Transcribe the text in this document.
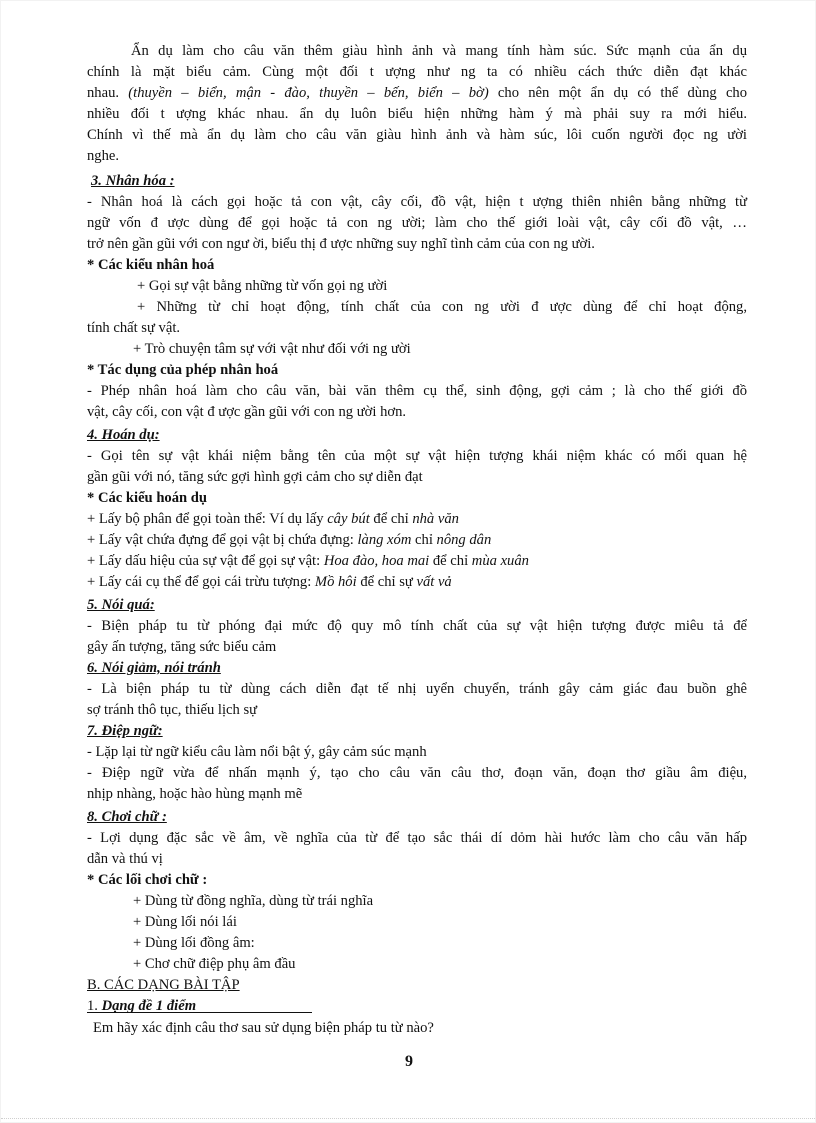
Ẩn dụ làm cho câu văn thêm giàu hình ảnh và mang tính hàm súc. Sức mạnh của ẩn dụ
chính là mặt biểu cảm. Cùng một đối t ượng như ng ta có nhiều cách thức diễn đạt khác
nhau. (thuyền – biển, mận - đào, thuyền – bến, biển – bờ) cho nên một ẩn dụ có thể dùng cho
nhiều đối t ượng khác nhau. ẩn dụ luôn biểu hiện những hàm ý mà phải suy ra mới hiểu.
Chính vì thế mà ẩn dụ làm cho câu văn giàu hình ảnh và hàm súc, lôi cuốn người đọc ng ười
nghe.
3. Nhân hóa :
- Nhân hoá là cách gọi hoặc tả con vật, cây cối, đồ vật, hiện t ượng thiên nhiên bằng những từ
ngữ vốn đ ược dùng để gọi hoặc tả con ng ười; làm cho thế giới loài vật, cây cối đồ vật, …
trở nên gần gũi với con ngư ời, biểu thị đ ược những suy nghĩ tình cảm của con ng ười.
* Các kiểu nhân hoá
+ Gọi sự vật bằng những từ vốn gọi ng ười
+ Những từ chỉ hoạt động, tính chất của con ng ười đ ược dùng để chỉ hoạt động,
tính chất sự vật.
+ Trò chuyện tâm sự với vật như đối với ng ười
* Tác dụng của phép nhân hoá
- Phép nhân hoá làm cho câu văn, bài văn thêm cụ thể, sinh động, gợi cảm ; là cho thế giới đồ
vật, cây cối, con vật đ ược gần gũi với con ng ười hơn.
4. Hoán dụ:
- Gọi tên sự vật khái niệm bằng tên của một sự vật hiện tượng khái niệm khác có mối quan hệ
gần gũi với nó, tăng sức gợi hình gợi cảm cho sự diễn đạt
* Các kiểu hoán dụ
+ Lấy bộ phân để gọi toàn thể: Ví dụ lấy cây bút để chỉ nhà văn
+ Lấy vật chứa đựng để gọi vật bị chứa đựng: làng xóm chỉ nông dân
+ Lấy dấu hiệu của sự vật để gọi sự vật: Hoa đào, hoa mai để chỉ mùa xuân
+ Lấy cái cụ thể để gọi cái trừu tượng: Mồ hôi để chỉ sự vất vả
5. Nói quá:
- Biện pháp tu từ phóng đại mức độ quy mô tính chất của sự vật hiện tượng được miêu tả để
gây ấn tượng, tăng sức biểu cảm
6. Nói giảm, nói tránh
- Là biện pháp tu từ dùng cách diễn đạt tế nhị uyển chuyển, tránh gây cảm giác đau buồn ghê
sợ tránh thô tục, thiếu lịch sự
7. Điệp ngữ:
- Lặp lại từ ngữ kiểu câu làm nổi bật ý, gây cảm súc mạnh
- Điệp ngữ vừa để nhấn mạnh ý, tạo cho câu văn câu thơ, đoạn văn, đoạn thơ giầu âm điệu,
nhịp nhàng, hoặc hào hùng mạnh mẽ
8. Chơi chữ :
- Lợi dụng đặc sắc về âm, về nghĩa của từ để tạo sắc thái dí dỏm hài hước làm cho câu văn hấp
dẫn và thú vị
* Các lối chơi chữ :
+ Dùng từ đồng nghĩa, dùng từ trái nghĩa
+ Dùng lối nói lái
+ Dùng lối đồng âm:
+ Chơ chữ điệp phụ âm đầu
B. CÁC DẠNG BÀI TẬP
1. Dạng đề 1 điểm
Em hãy xác định câu thơ sau sử dụng biện pháp tu từ nào?
9
